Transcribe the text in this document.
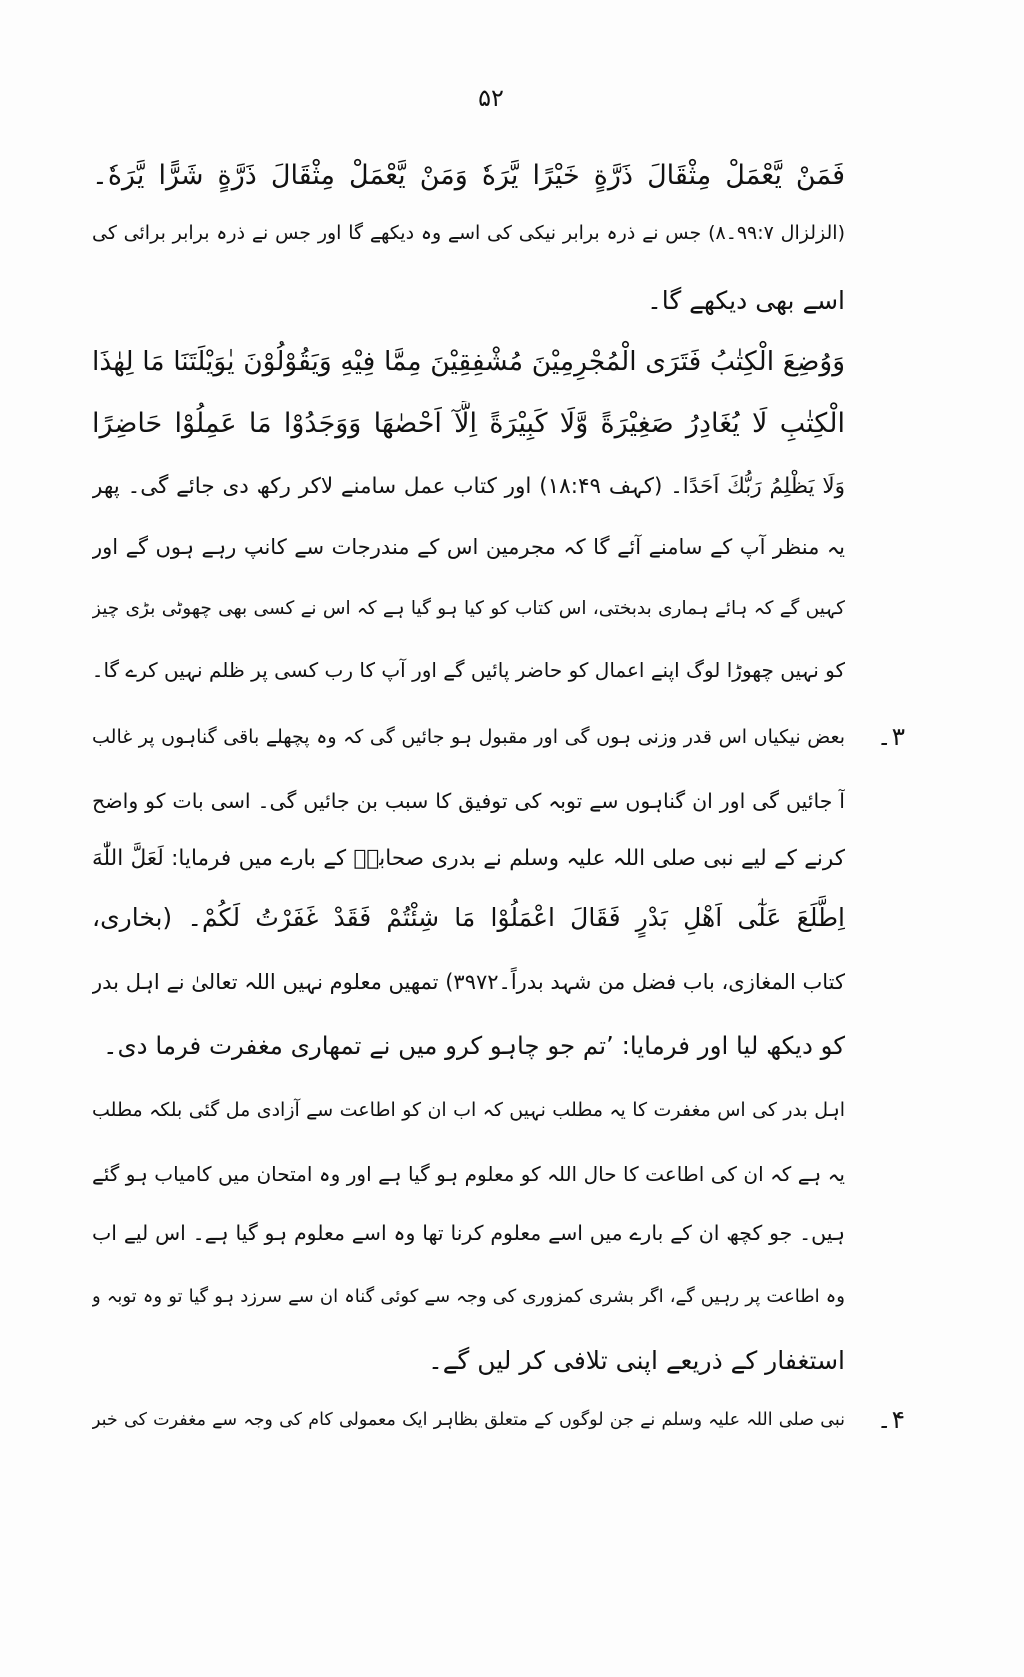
۵۲
فَمَنْ يَّعْمَلْ مِثْقَالَ ذَرَّةٍ خَيْرًا يَّرَهٗ وَمَنْ يَّعْمَلْ مِثْقَالَ ذَرَّةٍ شَرًّا يَّرَهٗ۔
(الزلزال ۹۹:۷۔۸) جس نے ذرہ برابر نیکی کی اسے وہ دیکھے گا اور جس نے ذرہ برابر برائی کی
اسے بھی دیکھے گا۔
وَوُضِعَ الْكِتٰبُ فَتَرَى الْمُجْرِمِيْنَ مُشْفِقِيْنَ مِمَّا فِيْهِ وَيَقُوْلُوْنَ يٰوَيْلَتَنَا مَا لِهٰذَا
الْكِتٰبِ لَا يُغَادِرُ صَغِيْرَةً وَّلَا كَبِيْرَةً اِلَّآ اَحْصٰهَا وَوَجَدُوْا مَا عَمِلُوْا حَاضِرًا
وَلَا يَظْلِمُ رَبُّكَ اَحَدًا۔ (کہف ۱۸:۴۹) اور کتاب عمل سامنے لاکر رکھ دی جائے گی۔ پھر
یہ منظر آپ کے سامنے آئے گا کہ مجرمین اس کے مندرجات سے کانپ رہے ہوں گے اور
کہیں گے کہ ہائے ہماری بدبختی، اس کتاب کو کیا ہو گیا ہے کہ اس نے کسی بھی چھوٹی بڑی چیز
کو نہیں چھوڑا لوگ اپنے اعمال کو حاضر پائیں گے اور آپ کا رب کسی پر ظلم نہیں کرے گا۔
۳۔
بعض نیکیاں اس قدر وزنی ہوں گی اور مقبول ہو جائیں گی کہ وہ پچھلے باقی گناہوں پر غالب
آ جائیں گی اور ان گناہوں سے توبہ کی توفیق کا سبب بن جائیں گی۔ اسی بات کو واضح
کرنے کے لیے نبی صلی اللہ علیہ وسلم نے بدری صحابہؓ کے بارے میں فرمایا: لَعَلَّ اللّٰهَ
اِطَّلَعَ عَلٰٓى اَهْلِ بَدْرٍ فَقَالَ اعْمَلُوْا مَا شِئْتُمْ فَقَدْ غَفَرْتُ لَكُمْ۔ (بخاری،
کتاب المغازی، باب فضل من شہد بدراً۔۳۹۷۲) تمھیں معلوم نہیں اللہ تعالیٰ نے اہل بدر
کو دیکھ لیا اور فرمایا: ’تم جو چاہو کرو میں نے تمھاری مغفرت فرما دی۔
اہل بدر کی اس مغفرت کا یہ مطلب نہیں کہ اب ان کو اطاعت سے آزادی مل گئی بلکہ مطلب
یہ ہے کہ ان کی اطاعت کا حال اللہ کو معلوم ہو گیا ہے اور وہ امتحان میں کامیاب ہو گئے
ہیں۔ جو کچھ ان کے بارے میں اسے معلوم کرنا تھا وہ اسے معلوم ہو گیا ہے۔ اس لیے اب
وہ اطاعت پر رہیں گے، اگر بشری کمزوری کی وجہ سے کوئی گناہ ان سے سرزد ہو گیا تو وہ توبہ و
استغفار کے ذریعے اپنی تلافی کر لیں گے۔
۴۔
نبی صلی اللہ علیہ وسلم نے جن لوگوں کے متعلق بظاہر ایک معمولی کام کی وجہ سے مغفرت کی خبر
